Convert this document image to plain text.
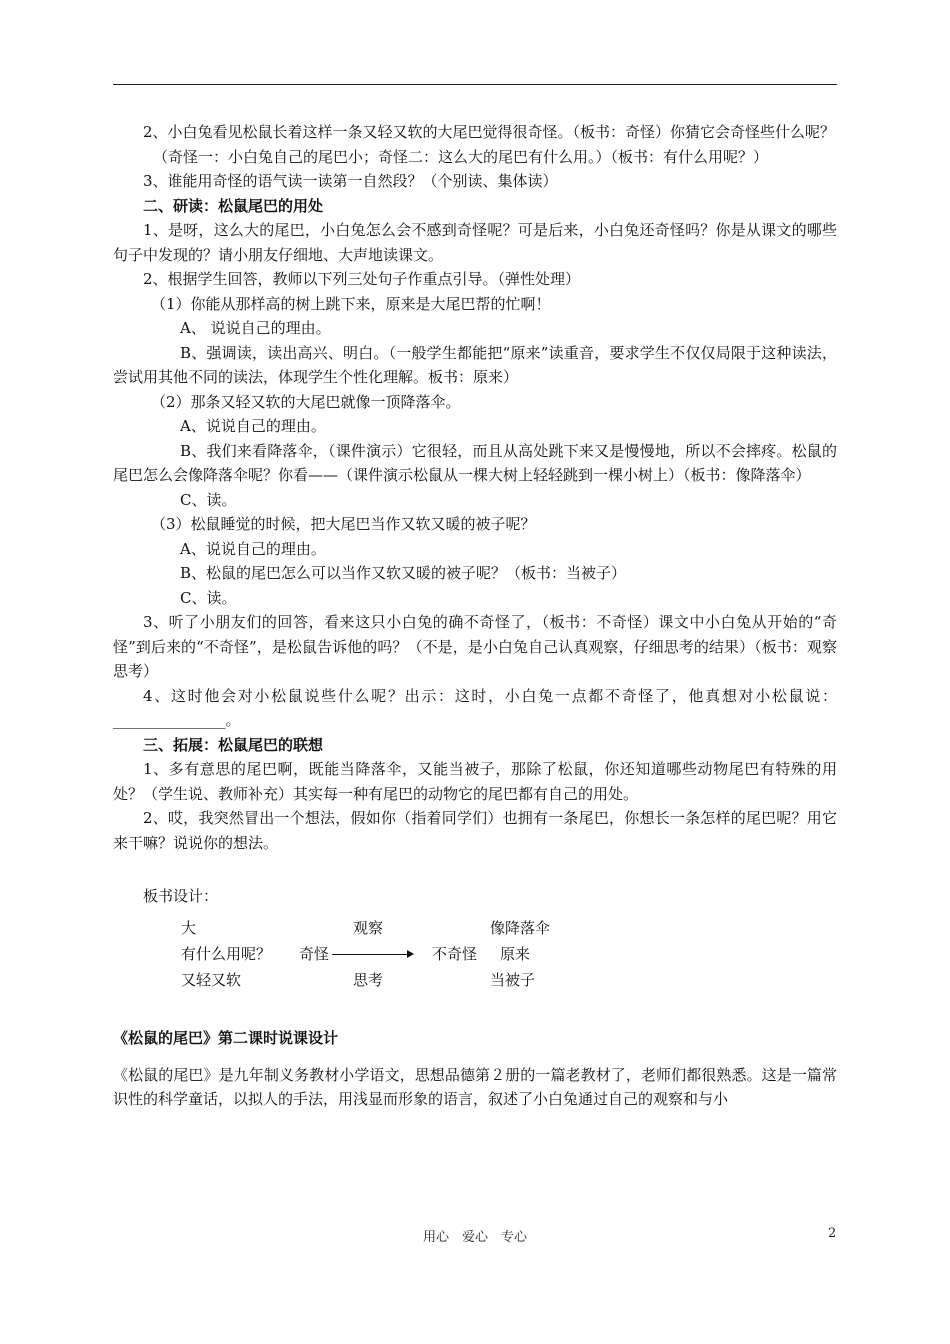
2、小白兔看见松鼠长着这样一条又轻又软的大尾巴觉得很奇怪。（板书：奇怪）你猜它会奇怪些什么呢？

（奇怪一：小白兔自己的尾巴小；奇怪二：这么大的尾巴有什么用。）（板书：有什么用呢？）

3、谁能用奇怪的语气读一读第一自然段？（个别读、集体读）

二、研读：松鼠尾巴的用处

1、是呀，这么大的尾巴，小白兔怎么会不感到奇怪呢？可是后来，小白兔还奇怪吗？你是从课文的哪些句子中发现的？请小朋友仔细地、大声地读课文。

2、根据学生回答，教师以下列三处句子作重点引导。（弹性处理）

（1）你能从那样高的树上跳下来，原来是大尾巴帮的忙啊！

A、 说说自己的理由。

B、强调读，读出高兴、明白。（一般学生都能把“原来”读重音，要求学生不仅仅局限于这种读法，尝试用其他不同的读法，体现学生个性化理解。板书：原来）

（2）那条又轻又软的大尾巴就像一顶降落伞。

A、说说自己的理由。

B、我们来看降落伞，（课件演示）它很轻，而且从高处跳下来又是慢慢地，所以不会摔疼。松鼠的尾巴怎么会像降落伞呢？你看——（课件演示松鼠从一棵大树上轻轻跳到一棵小树上）（板书：像降落伞）

C、读。

（3）松鼠睡觉的时候，把大尾巴当作又软又暖的被子呢？

A、说说自己的理由。

B、松鼠的尾巴怎么可以当作又软又暖的被子呢？（板书：当被子）

C、读。

3、听了小朋友们的回答，看来这只小白兔的确不奇怪了，（板书：不奇怪）课文中小白兔从开始的“奇怪”到后来的“不奇怪”，是松鼠告诉他的吗？（不是，是小白兔自己认真观察，仔细思考的结果）（板书：观察思考）

4、这时他会对小松鼠说些什么呢？出示：这时，小白兔一点都不奇怪了，他真想对小松鼠说：_______________。

三、拓展：松鼠尾巴的联想

1、多有意思的尾巴啊，既能当降落伞，又能当被子，那除了松鼠，你还知道哪些动物尾巴有特殊的用处？（学生说、教师补充）其实每一种有尾巴的动物它的尾巴都有自己的用处。

2、哎，我突然冒出一个想法，假如你（指着同学们）也拥有一条尾巴，你想长一条怎样的尾巴呢？用它来干嘛？说说你的想法。

板书设计：

大	观察	像降落伞
有什么用呢？ 奇怪	不奇怪 原来
又轻又软	思考	当被子

《松鼠的尾巴》第二课时说课设计

《松鼠的尾巴》是九年制义务教材小学语文，思想品德第２册的一篇老教材了，老师们都很熟悉。这是一篇常识性的科学童话，以拟人的手法，用浅显而形象的语言，叙述了小白兔通过自己的观察和与小

用心　爱心　专心	2
